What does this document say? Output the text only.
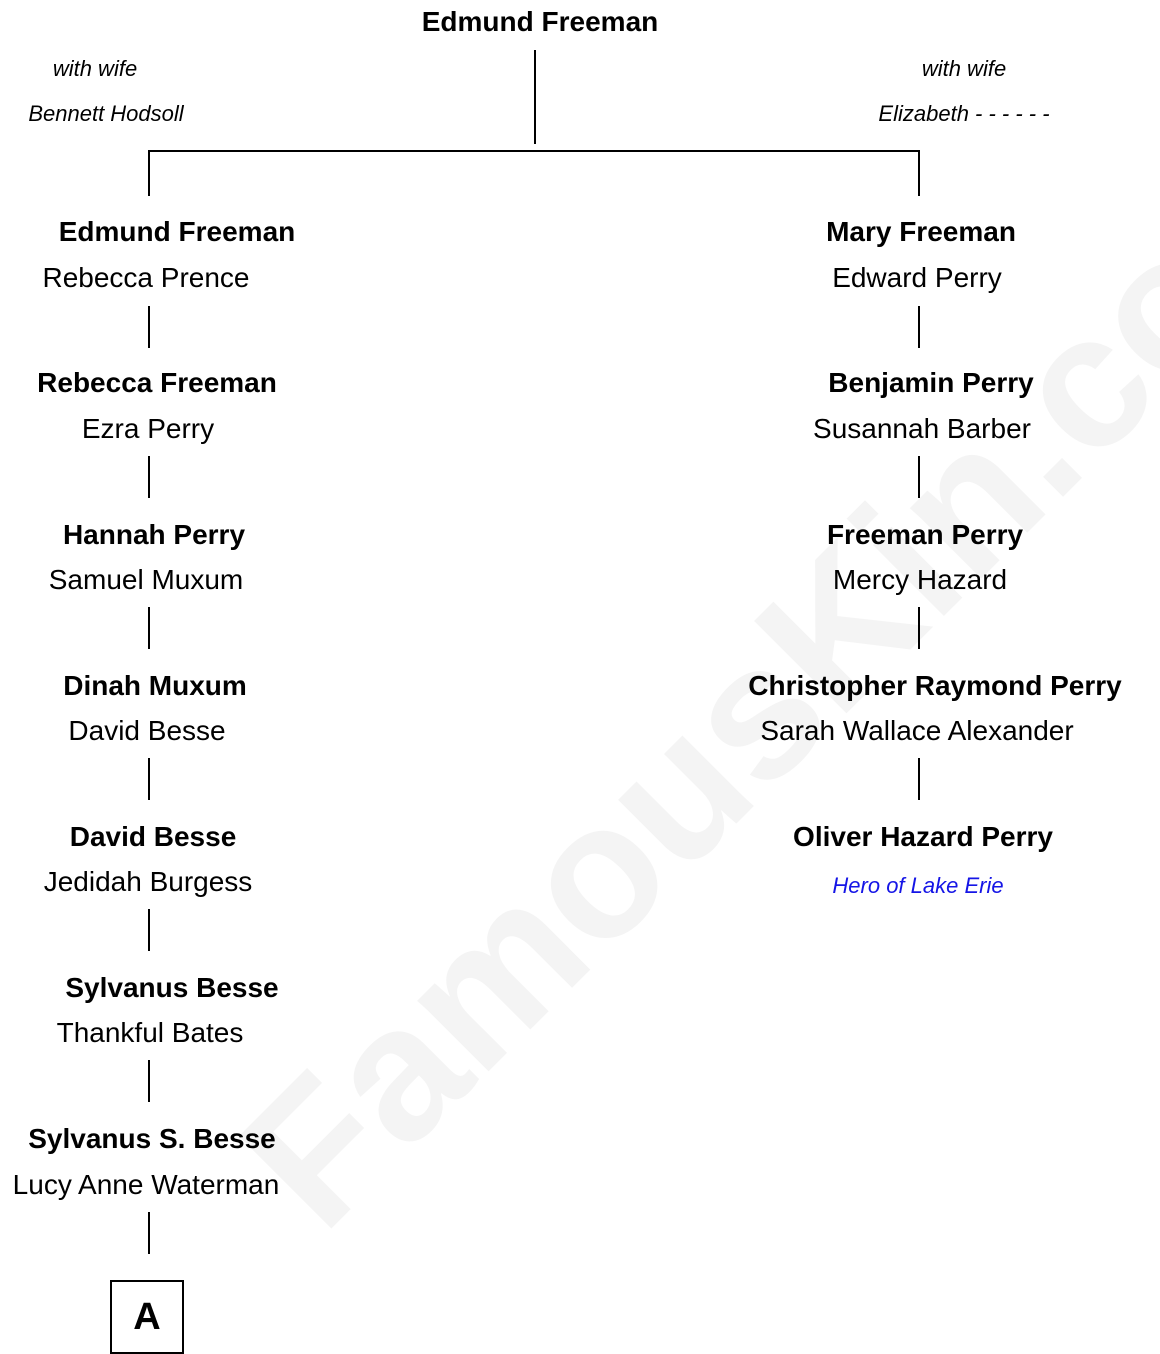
Edmund Freeman
with wife
Bennett Hodsoll
with wife
Elizabeth - - - - - -
Edmund Freeman
Rebecca Prence
Rebecca Freeman
Ezra Perry
Hannah Perry
Samuel Muxum
Dinah Muxum
David Besse
David Besse
Jedidah Burgess
Sylvanus Besse
Thankful Bates
Sylvanus S. Besse
Lucy Anne Waterman
A
Mary Freeman
Edward Perry
Benjamin Perry
Susannah Barber
Freeman Perry
Mercy Hazard
Christopher Raymond Perry
Sarah Wallace Alexander
Oliver Hazard Perry
Hero of Lake Erie
